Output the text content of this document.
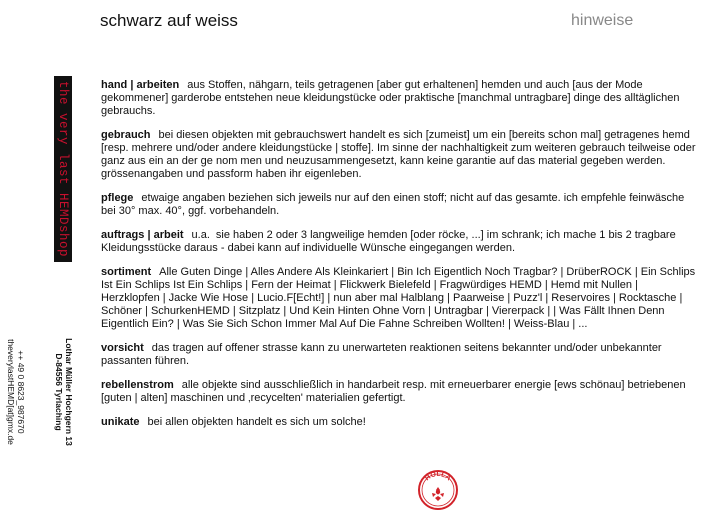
schwarz auf weiss	hinweise
the very last HEMDshop
Lothar Müller Hochgern 13
D-84556 Tyrlaching
++ 49 0 8623_987670
theverylastHEMD[at]gmx.de

hand | arbeiten aus Stoffen, nähgarn, teils getragenen [aber gut erhaltenen] hemden und auch [aus der Mode gekommener] garderobe entstehen neue kleidungstücke oder praktische [manchmal untragbare] dinge des alltäglichen gebrauchs.

gebrauch bei diesen objekten mit gebrauchswert handelt es sich [zumeist] um ein [bereits schon mal] getragenes hemd [resp. mehrere und/oder andere kleidungstücke | stoffe]. Im sinne der nachhaltigkeit zum weiteren gebrauch teilweise oder ganz aus ein an der ge nom men und neuzusammengesetzt, kann keine garantie auf das material gegeben werden. grössenangaben und passform haben ihr eigenleben.

pflege etwaige angaben beziehen sich jeweils nur auf den einen stoff; nicht auf das gesamte. ich empfehle feinwäsche bei 30° max. 40°, ggf. vorbehandeln.

auftrags | arbeit u.a. sie haben 2 oder 3 langweilige hemden [oder röcke, ...] im schrank; ich mache 1 bis 2 tragbare Kleidungsstücke daraus - dabei kann auf individuelle Wünsche eingegangen werden.

sortiment Alle Guten Dinge | Alles Andere Als Kleinkariert | Bin Ich Eigentlich Noch Tragbar? | DrüberROCK | Ein Schlips Ist Ein Schlips Ist Ein Schlips | Fern der Heimat | Flickwerk Bielefeld | Fragwürdiges HEMD | Hemd mit Nullen | Herzklopfen | Jacke Wie Hose | Lucio.F[Echt!] | nun aber mal Halblang | Paarweise | Puzz'l | Reservoires | Rocktasche | Schöner | SchurkenHEMD | Sitzplatz | Und Kein Hinten Ohne Vorn | Untragbar | Viererpack | | Was Fällt Ihnen Denn Eigentlich Ein? | Was Sie Sich Schon Immer Mal Auf Die Fahne Schreiben Wollten! | Weiss-Blau | ...

vorsicht das tragen auf offener strasse kann zu unerwarteten reaktionen seitens bekannter und/oder unbekannter passanten führen.

rebellenstrom alle objekte sind ausschließlich in handarbeit resp. mit erneuerbarer energie [ews schönau] betriebenen [guten | alten] maschinen und ‚recycelten' materialien gefertigt.

unikate bei allen objekten handelt es sich um solche!

HOLLA
